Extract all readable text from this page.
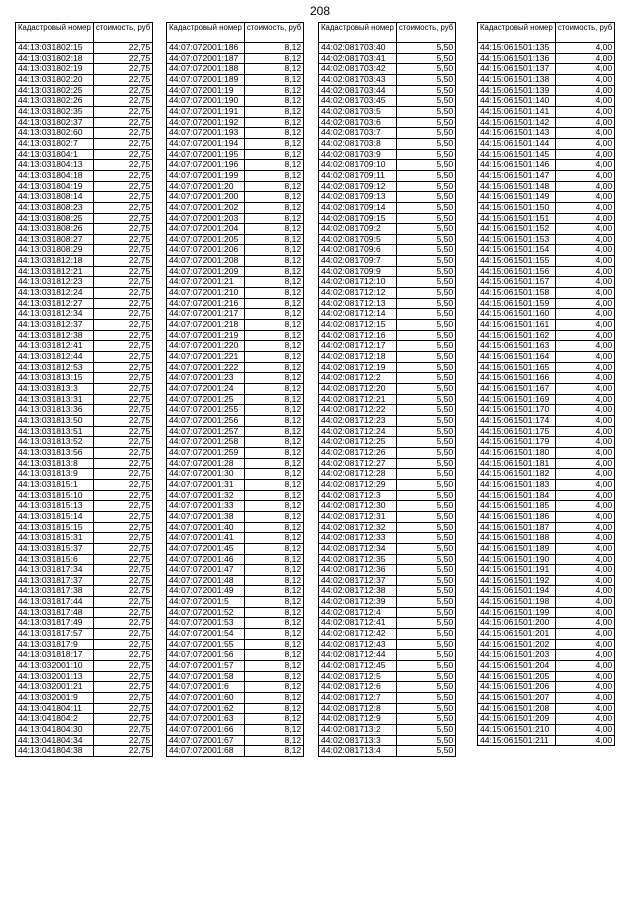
208
Кадастровый номер	стоимость, руб
44:13:031802:15	22,75
44:13:031802:18	22,75
44:13:031802:19	22,75
44:13:031802:20	22,75
44:13:031802:25	22,75
44:13:031802:26	22,75
44:13:031802:35	22,75
44:13:031802:37	22,75
44:13:031802:60	22,75
44:13:031802:7	22,75
44:13:031804:1	22,75
44:13:031804:13	22,75
44:13:031804:18	22,75
44:13:031804:19	22,75
44:13:031808:14	22,75
44:13:031808:23	22,75
44:13:031808:25	22,75
44:13:031808:26	22,75
44:13:031808:27	22,75
44:13:031808:29	22,75
44:13:031812:18	22,75
44:13:031812:21	22,75
44:13:031812:23	22,75
44:13:031812:24	22,75
44:13:031812:27	22,75
44:13:031812:34	22,75
44:13:031812:37	22,75
44:13:031812:38	22,75
44:13:031812:41	22,75
44:13:031812:44	22,75
44:13:031812:53	22,75
44:13:031813:15	22,75
44:13:031813:3	22,75
44:13:031813:31	22,75
44:13:031813:36	22,75
44:13:031813:50	22,75
44:13:031813:51	22,75
44:13:031813:52	22,75
44:13:031813:56	22,75
44:13:031813:8	22,75
44:13:031813:9	22,75
44:13:031815:1	22,75
44:13:031815:10	22,75
44:13:031815:13	22,75
44:13:031815:14	22,75
44:13:031815:15	22,75
44:13:031815:31	22,75
44:13:031815:37	22,75
44:13:031815:6	22,75
44:13:031817:34	22,75
44:13:031817:37	22,75
44:13:031817:38	22,75
44:13:031817:44	22,75
44:13:031817:48	22,75
44:13:031817:49	22,75
44:13:031817:57	22,75
44:13:031817:9	22,75
44:13:031818:17	22,75
44:13:032001:10	22,75
44:13:032001:13	22,75
44:13:032001:21	22,75
44:13:032001:9	22,75
44:13:041804:11	22,75
44:13:041804:2	22,75
44:13:041804:30	22,75
44:13:041804:34	22,75
44:13:041804:38	22,75
Кадастровый номер	стоимость, руб
44:07:072001:186	8,12
44:07:072001:187	8,12
44:07:072001:188	8,12
44:07:072001:189	8,12
44:07:072001:19	8,12
44:07:072001:190	8,12
44:07:072001:191	8,12
44:07:072001:192	8,12
44:07:072001:193	8,12
44:07:072001:194	8,12
44:07:072001:195	8,12
44:07:072001:196	8,12
44:07:072001:199	8,12
44:07:072001:20	8,12
44:07:072001:200	8,12
44:07:072001:202	8,12
44:07:072001:203	8,12
44:07:072001:204	8,12
44:07:072001:205	8,12
44:07:072001:206	8,12
44:07:072001:208	8,12
44:07:072001:209	8,12
44:07:072001:21	8,12
44:07:072001:210	8,12
44:07:072001:216	8,12
44:07:072001:217	8,12
44:07:072001:218	8,12
44:07:072001:219	8,12
44:07:072001:220	8,12
44:07:072001:221	8,12
44:07:072001:222	8,12
44:07:072001:23	8,12
44:07:072001:24	8,12
44:07:072001:25	8,12
44:07:072001:255	8,12
44:07:072001:256	8,12
44:07:072001:257	8,12
44:07:072001:258	8,12
44:07:072001:259	8,12
44:07:072001:28	8,12
44:07:072001:30	8,12
44:07:072001:31	8,12
44:07:072001:32	8,12
44:07:072001:33	8,12
44:07:072001:38	8,12
44:07:072001:40	8,12
44:07:072001:41	8,12
44:07:072001:45	8,12
44:07:072001:46	8,12
44:07:072001:47	8,12
44:07:072001:48	8,12
44:07:072001:49	8,12
44:07:072001:5	8,12
44:07:072001:52	8,12
44:07:072001:53	8,12
44:07:072001:54	8,12
44:07:072001:55	8,12
44:07:072001:56	8,12
44:07:072001:57	8,12
44:07:072001:58	8,12
44:07:072001:6	8,12
44:07:072001:60	8,12
44:07:072001:62	8,12
44:07:072001:63	8,12
44:07:072001:66	8,12
44:07:072001:67	8,12
44:07:072001:68	8,12
Кадастровый номер	стоимость, руб
44:02:081703:40	5,50
44:02:081703:41	5,50
44:02:081703:42	5,50
44:02:081703:43	5,50
44:02:081703:44	5,50
44:02:081703:45	5,50
44:02:081703:5	5,50
44:02:081703:6	5,50
44:02:081703:7	5,50
44:02:081703:8	5,50
44:02:081703:9	5,50
44:02:081709:10	5,50
44:02:081709:11	5,50
44:02:081709:12	5,50
44:02:081709:13	5,50
44:02:081709:14	5,50
44:02:081709:15	5,50
44:02:081709:2	5,50
44:02:081709:5	5,50
44:02:081709:6	5,50
44:02:081709:7	5,50
44:02:081709:9	5,50
44:02:081712:10	5,50
44:02:081712:12	5,50
44:02:081712:13	5,50
44:02:081712:14	5,50
44:02:081712:15	5,50
44:02:081712:16	5,50
44:02:081712:17	5,50
44:02:081712:18	5,50
44:02:081712:19	5,50
44:02:081712:2	5,50
44:02:081712:20	5,50
44:02:081712:21	5,50
44:02:081712:22	5,50
44:02:081712:23	5,50
44:02:081712:24	5,50
44:02:081712:25	5,50
44:02:081712:26	5,50
44:02:081712:27	5,50
44:02:081712:28	5,50
44:02:081712:29	5,50
44:02:081712:3	5,50
44:02:081712:30	5,50
44:02:081712:31	5,50
44:02:081712:32	5,50
44:02:081712:33	5,50
44:02:081712:34	5,50
44:02:081712:35	5,50
44:02:081712:36	5,50
44:02:081712:37	5,50
44:02:081712:38	5,50
44:02:081712:39	5,50
44:02:081712:4	5,50
44:02:081712:41	5,50
44:02:081712:42	5,50
44:02:081712:43	5,50
44:02:081712:44	5,50
44:02:081712:45	5,50
44:02:081712:5	5,50
44:02:081712:6	5,50
44:02:081712:7	5,50
44:02:081712:8	5,50
44:02:081712:9	5,50
44:02:081713:2	5,50
44:02:081713:3	5,50
44:02:081713:4	5,50
Кадастровый номер	стоимость, руб
44:15:061501:135	4,00
44:15:061501:136	4,00
44:15:061501:137	4,00
44:15:061501:138	4,00
44:15:061501:139	4,00
44:15:061501:140	4,00
44:15:061501:141	4,00
44:15:061501:142	4,00
44:15:061501:143	4,00
44:15:061501:144	4,00
44:15:061501:145	4,00
44:15:061501:146	4,00
44:15:061501:147	4,00
44:15:061501:148	4,00
44:15:061501:149	4,00
44:15:061501:150	4,00
44:15:061501:151	4,00
44:15:061501:152	4,00
44:15:061501:153	4,00
44:15:061501:154	4,00
44:15:061501:155	4,00
44:15:061501:156	4,00
44:15:061501:157	4,00
44:15:061501:158	4,00
44:15:061501:159	4,00
44:15:061501:160	4,00
44:15:061501:161	4,00
44:15:061501:162	4,00
44:15:061501:163	4,00
44:15:061501:164	4,00
44:15:061501:165	4,00
44:15:061501:166	4,00
44:15:061501:167	4,00
44:15:061501:169	4,00
44:15:061501:170	4,00
44:15:061501:174	4,00
44:15:061501:175	4,00
44:15:061501:179	4,00
44:15:061501:180	4,00
44:15:061501:181	4,00
44:15:061501:182	4,00
44:15:061501:183	4,00
44:15:061501:184	4,00
44:15:061501:185	4,00
44:15:061501:186	4,00
44:15:061501:187	4,00
44:15:061501:188	4,00
44:15:061501:189	4,00
44:15:061501:190	4,00
44:15:061501:191	4,00
44:15:061501:192	4,00
44:15:061501:194	4,00
44:15:061501:198	4,00
44:15:061501:199	4,00
44:15:061501:200	4,00
44:15:061501:201	4,00
44:15:061501:202	4,00
44:15:061501:203	4,00
44:15:061501:204	4,00
44:15:061501:205	4,00
44:15:061501:206	4,00
44:15:061501:207	4,00
44:15:061501:208	4,00
44:15:061501:209	4,00
44:15:061501:210	4,00
44:15:061501:211	4,00
